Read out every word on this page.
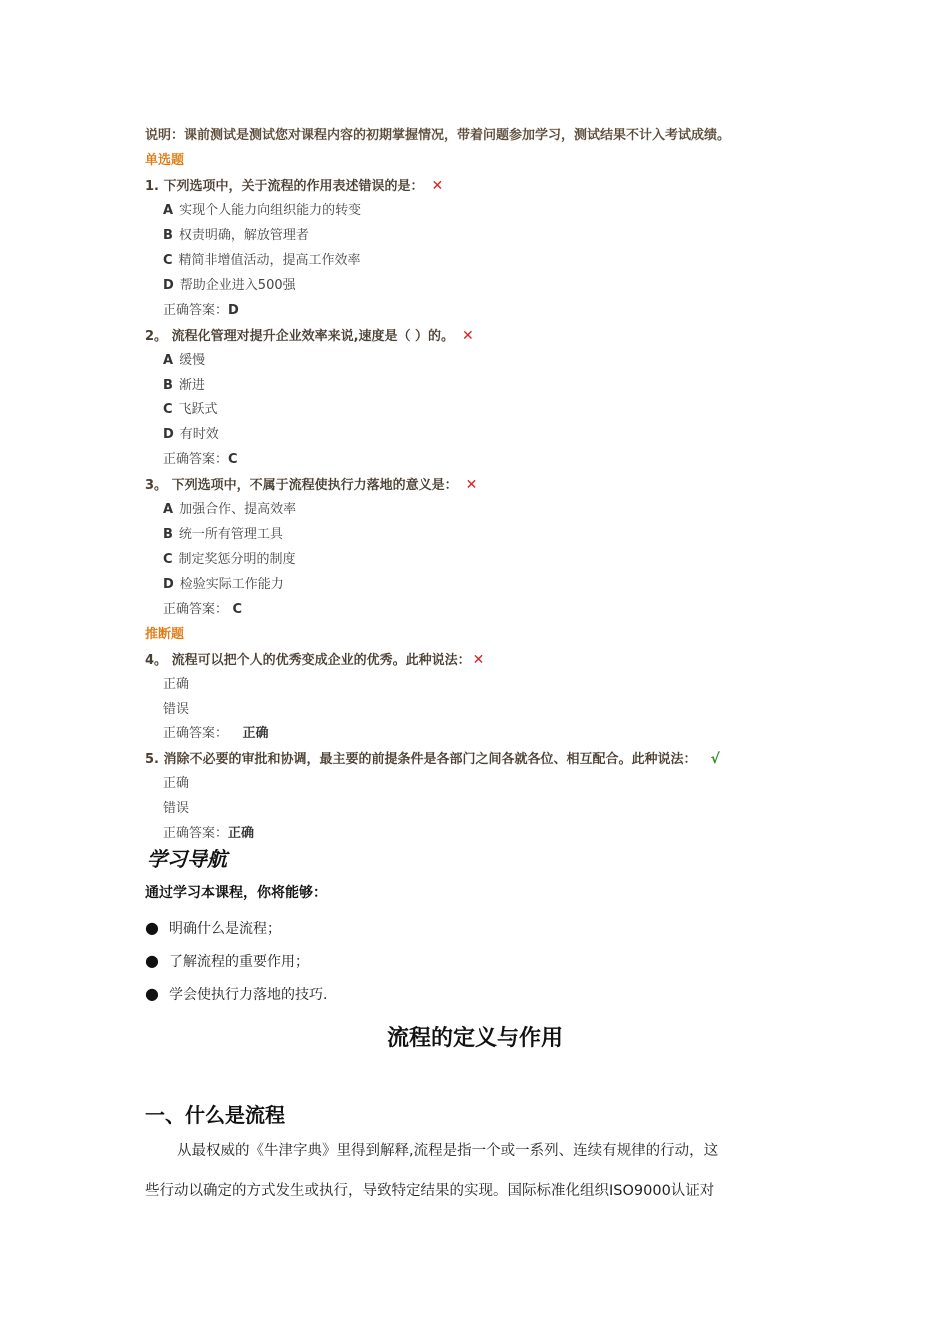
说明：课前测试是测试您对课程内容的初期掌握情况，带着问题参加学习，测试结果不计入考试成绩。
单选题
1. 下列选项中，关于流程的作用表述错误的是： ✕
A 实现个人能力向组织能力的转变
B 权责明确，解放管理者
C 精简非增值活动，提高工作效率
D 帮助企业进入500强
正确答案：D
2。 流程化管理对提升企业效率来说,速度是（ ）的。 ✕
A 缓慢
B 渐进
C 飞跃式
D 有时效
正确答案：C
3。 下列选项中，不属于流程使执行力落地的意义是： ✕
A 加强合作、提高效率
B 统一所有管理工具
C 制定奖惩分明的制度
D 检验实际工作能力
正确答案： C
推断题
4。 流程可以把个人的优秀变成企业的优秀。此种说法： ✕
正确
错误
正确答案： 正确
5. 消除不必要的审批和协调，最主要的前提条件是各部门之间各就各位、相互配合。此种说法： √
正确
错误
正确答案：正确
学习导航
通过学习本课程，你将能够：
● 明确什么是流程；
● 了解流程的重要作用；
● 学会使执行力落地的技巧.
流程的定义与作用
一、什么是流程
从最权威的《牛津字典》里得到解释,流程是指一个或一系列、连续有规律的行动，这
些行动以确定的方式发生或执行，导致特定结果的实现。国际标准化组织ISO9000认证对
